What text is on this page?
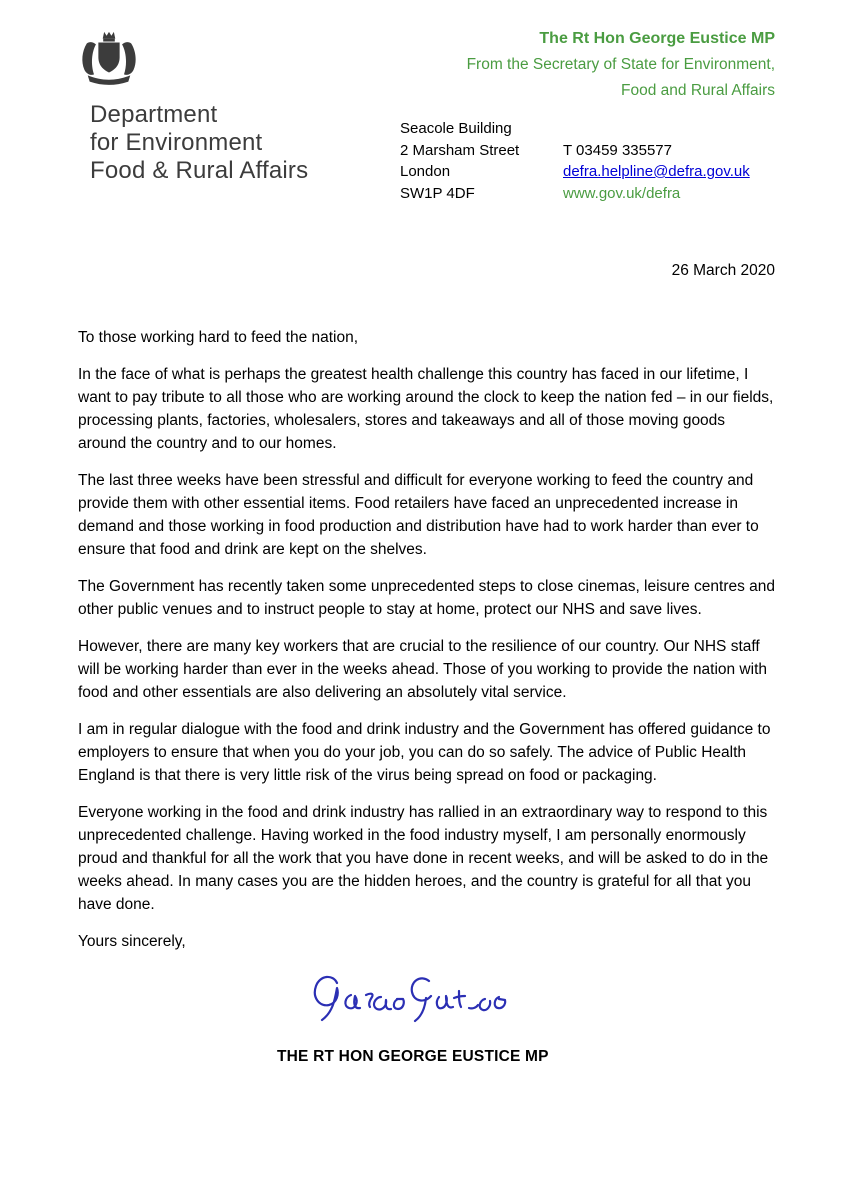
Department
for Environment
Food & Rural Affairs
The Rt Hon George Eustice MP
From the Secretary of State for Environment,
Food and Rural Affairs
Seacole Building
2 Marsham Street
London
SW1P 4DF
T 03459 335577
defra.helpline@defra.gov.uk
www.gov.uk/defra
26 March 2020

To those working hard to feed the nation,

In the face of what is perhaps the greatest health challenge this country has faced in our lifetime, I want to pay tribute to all those who are working around the clock to keep the nation fed – in our fields, processing plants, factories, wholesalers, stores and takeaways and all of those moving goods around the country and to our homes.

The last three weeks have been stressful and difficult for everyone working to feed the country and provide them with other essential items. Food retailers have faced an unprecedented increase in demand and those working in food production and distribution have had to work harder than ever to ensure that food and drink are kept on the shelves.

The Government has recently taken some unprecedented steps to close cinemas, leisure centres and other public venues and to instruct people to stay at home, protect our NHS and save lives.

However, there are many key workers that are crucial to the resilience of our country. Our NHS staff will be working harder than ever in the weeks ahead. Those of you working to provide the nation with food and other essentials are also delivering an absolutely vital service.

I am in regular dialogue with the food and drink industry and the Government has offered guidance to employers to ensure that when you do your job, you can do so safely. The advice of Public Health England is that there is very little risk of the virus being spread on food or packaging.

Everyone working in the food and drink industry has rallied in an extraordinary way to respond to this unprecedented challenge. Having worked in the food industry myself, I am personally enormously proud and thankful for all the work that you have done in recent weeks, and will be asked to do in the weeks ahead. In many cases you are the hidden heroes, and the country is grateful for all that you have done.

Yours sincerely,

THE RT HON GEORGE EUSTICE MP
